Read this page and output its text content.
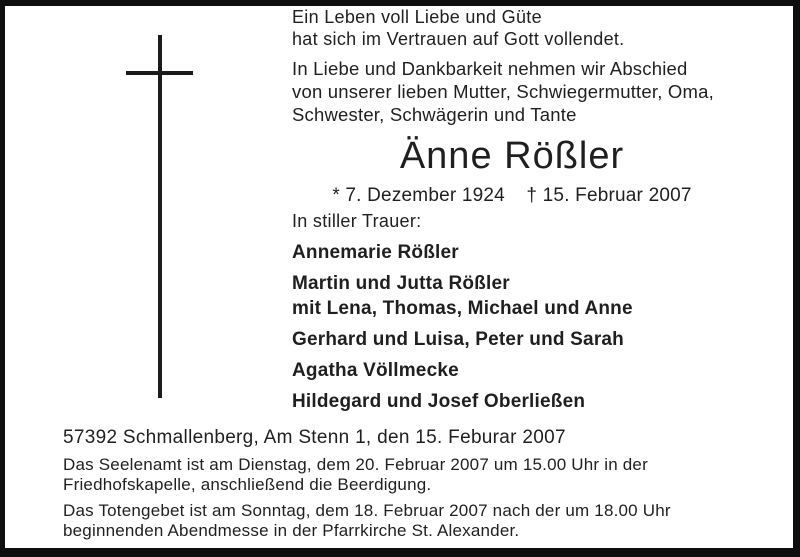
Ein Leben voll Liebe und Güte
hat sich im Vertrauen auf Gott vollendet.
In Liebe und Dankbarkeit nehmen wir Abschied
von unserer lieben Mutter, Schwiegermutter, Oma,
Schwester, Schwägerin und Tante
Änne Rößler
* 7. Dezember 1924 † 15. Februar 2007
In stiller Trauer:
Annemarie Rößler
Martin und Jutta Rößler
mit Lena, Thomas, Michael und Anne
Gerhard und Luisa, Peter und Sarah
Agatha Völlmecke
Hildegard und Josef Oberließen
57392 Schmallenberg, Am Stenn 1, den 15. Feburar 2007
Das Seelenamt ist am Dienstag, dem 20. Februar 2007 um 15.00 Uhr in der
Friedhofskapelle, anschließend die Beerdigung.
Das Totengebet ist am Sonntag, dem 18. Februar 2007 nach der um 18.00 Uhr
beginnenden Abendmesse in der Pfarrkirche St. Alexander.
